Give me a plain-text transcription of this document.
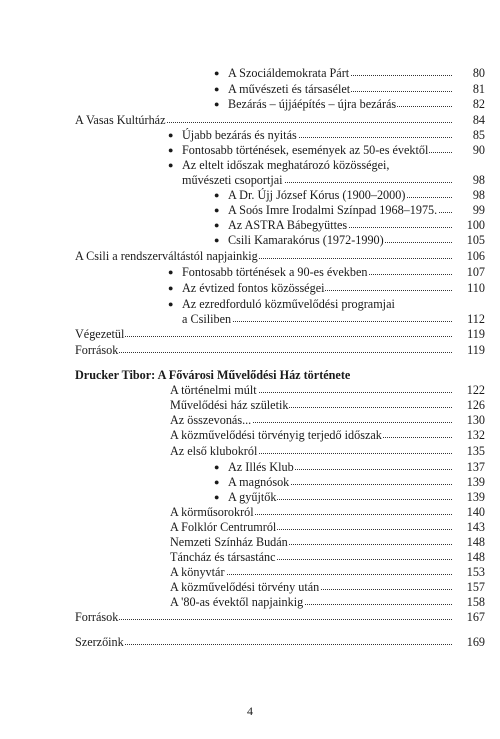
● A Szociáldemokrata Párt	80
● A művészeti és társasélet	81
● Bezárás – újjáépítés – újra bezárás	82
A Vasas Kultúrház	84
● Újabb bezárás és nyitás	85
● Fontosabb történések, események az 50-es évektől	90
● Az eltelt időszak meghatározó közösségei,
művészeti csoportjai	98
● A Dr. Újj József Kórus (1900–2000)	98
● A Soós Imre Irodalmi Színpad 1968–1975.	99
● Az ASTRA Bábegyüttes	100
● Csili Kamarakórus (1972-1990)	105
A Csili a rendszerváltástól napjainkig	106
● Fontosabb történések a 90-es években	107
● Az évtized fontos közösségei	110
● Az ezredforduló közművelődési programjai
a Csiliben	112
Végezetül	119
Források	119
Drucker Tibor: A Fővárosi Művelődési Ház története
A történelmi múlt	122
Művelődési ház születik	126
Az összevonás...	130
A közművelődési törvényig terjedő időszak	132
Az első klubokról	135
● Az Illés Klub	137
● A magnósok	139
● A gyűjtők	139
A körműsorokról	140
A Folklór Centrumról	143
Nemzeti Színház Budán	148
Táncház és társastánc	148
A könyvtár	153
A közművelődési törvény után	157
A '80-as évektől napjainkig	158
Források	167
Szerzőink	169
4
